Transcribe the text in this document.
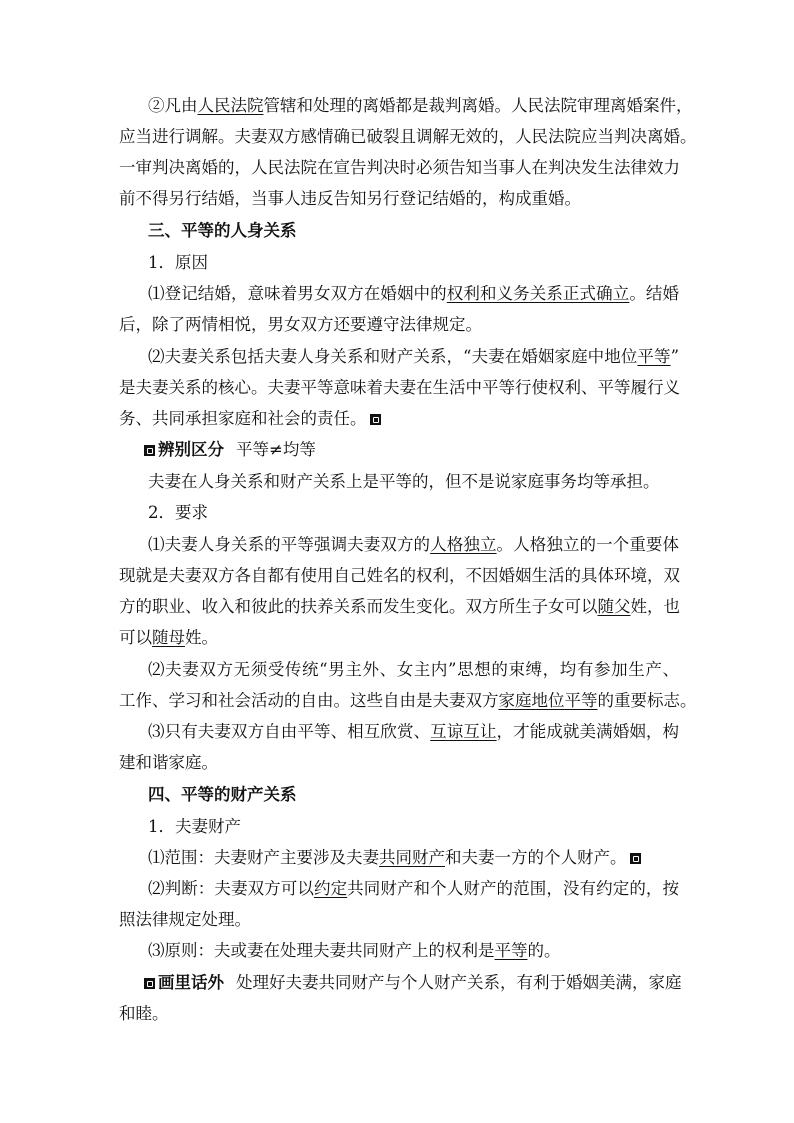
②凡由人民法院管辖和处理的离婚都是裁判离婚。人民法院审理离婚案件，
应当进行调解。夫妻双方感情确已破裂且调解无效的，人民法院应当判决离婚。
一审判决离婚的，人民法院在宣告判决时必须告知当事人在判决发生法律效力
前不得另行结婚，当事人违反告知另行登记结婚的，构成重婚。
三、平等的人身关系
1．原因
⑴登记结婚，意味着男女双方在婚姻中的权利和义务关系正式确立。结婚
后，除了两情相悦，男女双方还要遵守法律规定。
⑵夫妻关系包括夫妻人身关系和财产关系，“夫妻在婚姻家庭中地位平等”
是夫妻关系的核心。夫妻平等意味着夫妻在生活中平等行使权利、平等履行义
务、共同承担家庭和社会的责任。
辨别区分 平等≠均等
夫妻在人身关系和财产关系上是平等的，但不是说家庭事务均等承担。
2．要求
⑴夫妻人身关系的平等强调夫妻双方的人格独立。人格独立的一个重要体
现就是夫妻双方各自都有使用自己姓名的权利，不因婚姻生活的具体环境，双
方的职业、收入和彼此的扶养关系而发生变化。双方所生子女可以随父姓，也
可以随母姓。
⑵夫妻双方无须受传统“男主外、女主内”思想的束缚，均有参加生产、
工作、学习和社会活动的自由。这些自由是夫妻双方家庭地位平等的重要标志。
⑶只有夫妻双方自由平等、相互欣赏、互谅互让，才能成就美满婚姻，构
建和谐家庭。
四、平等的财产关系
1．夫妻财产
⑴范围：夫妻财产主要涉及夫妻共同财产和夫妻一方的个人财产。
⑵判断：夫妻双方可以约定共同财产和个人财产的范围，没有约定的，按
照法律规定处理。
⑶原则：夫或妻在处理夫妻共同财产上的权利是平等的。
画里话外 处理好夫妻共同财产与个人财产关系，有利于婚姻美满，家庭
和睦。
